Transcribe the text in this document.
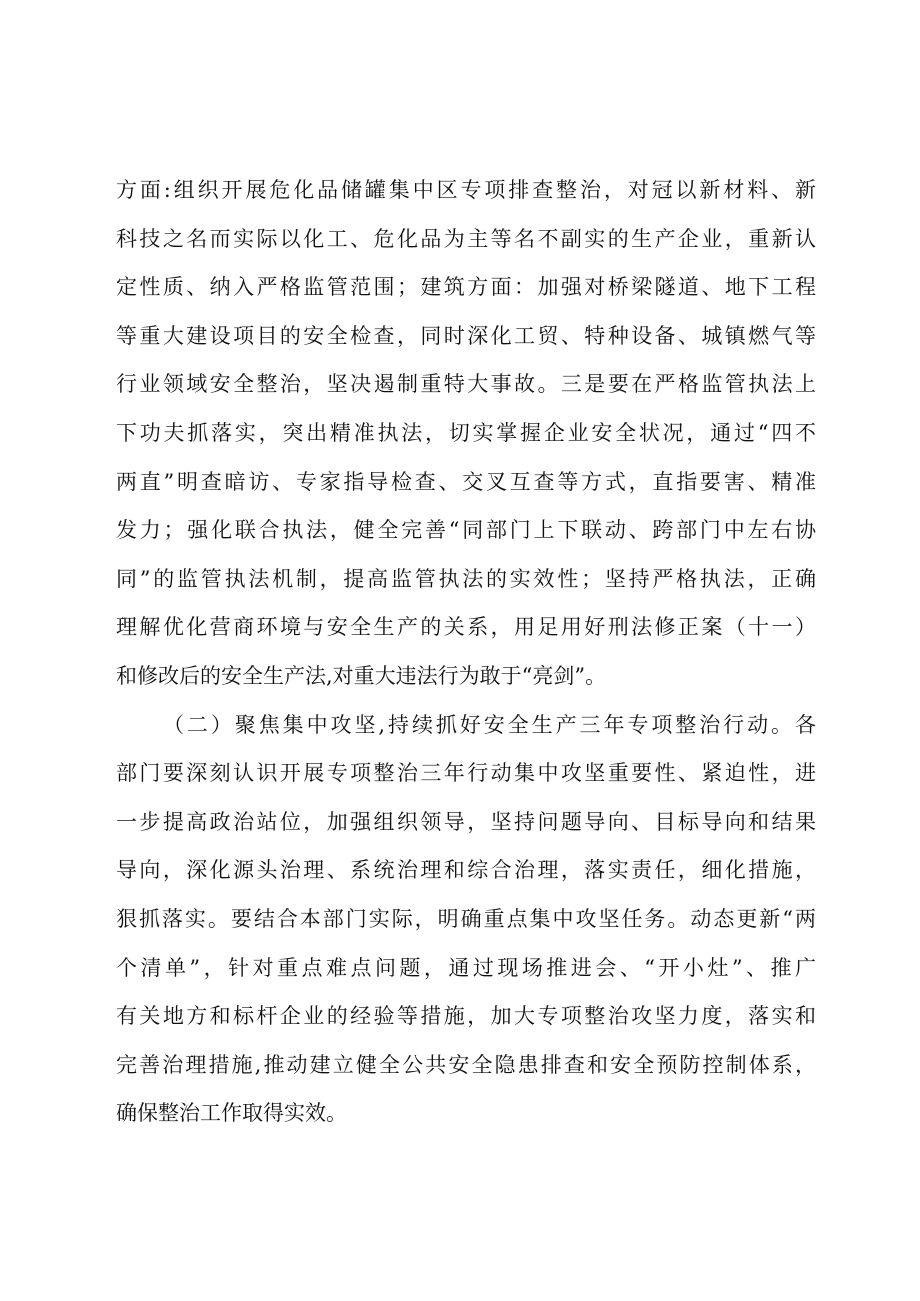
方面:组织开展危化品储罐集中区专项排查整治，对冠以新材料、新
科技之名而实际以化工、危化品为主等名不副实的生产企业，重新认
定性质、纳入严格监管范围；建筑方面：加强对桥梁隧道、地下工程
等重大建设项目的安全检查，同时深化工贸、特种设备、城镇燃气等
行业领域安全整治，坚决遏制重特大事故。三是要在严格监管执法上
下功夫抓落实，突出精准执法，切实掌握企业安全状况，通过“四不
两直”明查暗访、专家指导检查、交叉互查等方式，直指要害、精准
发力；强化联合执法，健全完善“同部门上下联动、跨部门中左右协
同”的监管执法机制，提高监管执法的实效性；坚持严格执法，正确
理解优化营商环境与安全生产的关系，用足用好刑法修正案（十一）
和修改后的安全生产法,对重大违法行为敢于“亮剑”。
（二）聚焦集中攻坚,持续抓好安全生产三年专项整治行动。各
部门要深刻认识开展专项整治三年行动集中攻坚重要性、紧迫性，进
一步提高政治站位，加强组织领导，坚持问题导向、目标导向和结果
导向，深化源头治理、系统治理和综合治理，落实责任，细化措施，
狠抓落实。要结合本部门实际，明确重点集中攻坚任务。动态更新“两
个清单”，针对重点难点问题，通过现场推进会、“开小灶”、推广
有关地方和标杆企业的经验等措施，加大专项整治攻坚力度，落实和
完善治理措施,推动建立健全公共安全隐患排查和安全预防控制体系，
确保整治工作取得实效。
